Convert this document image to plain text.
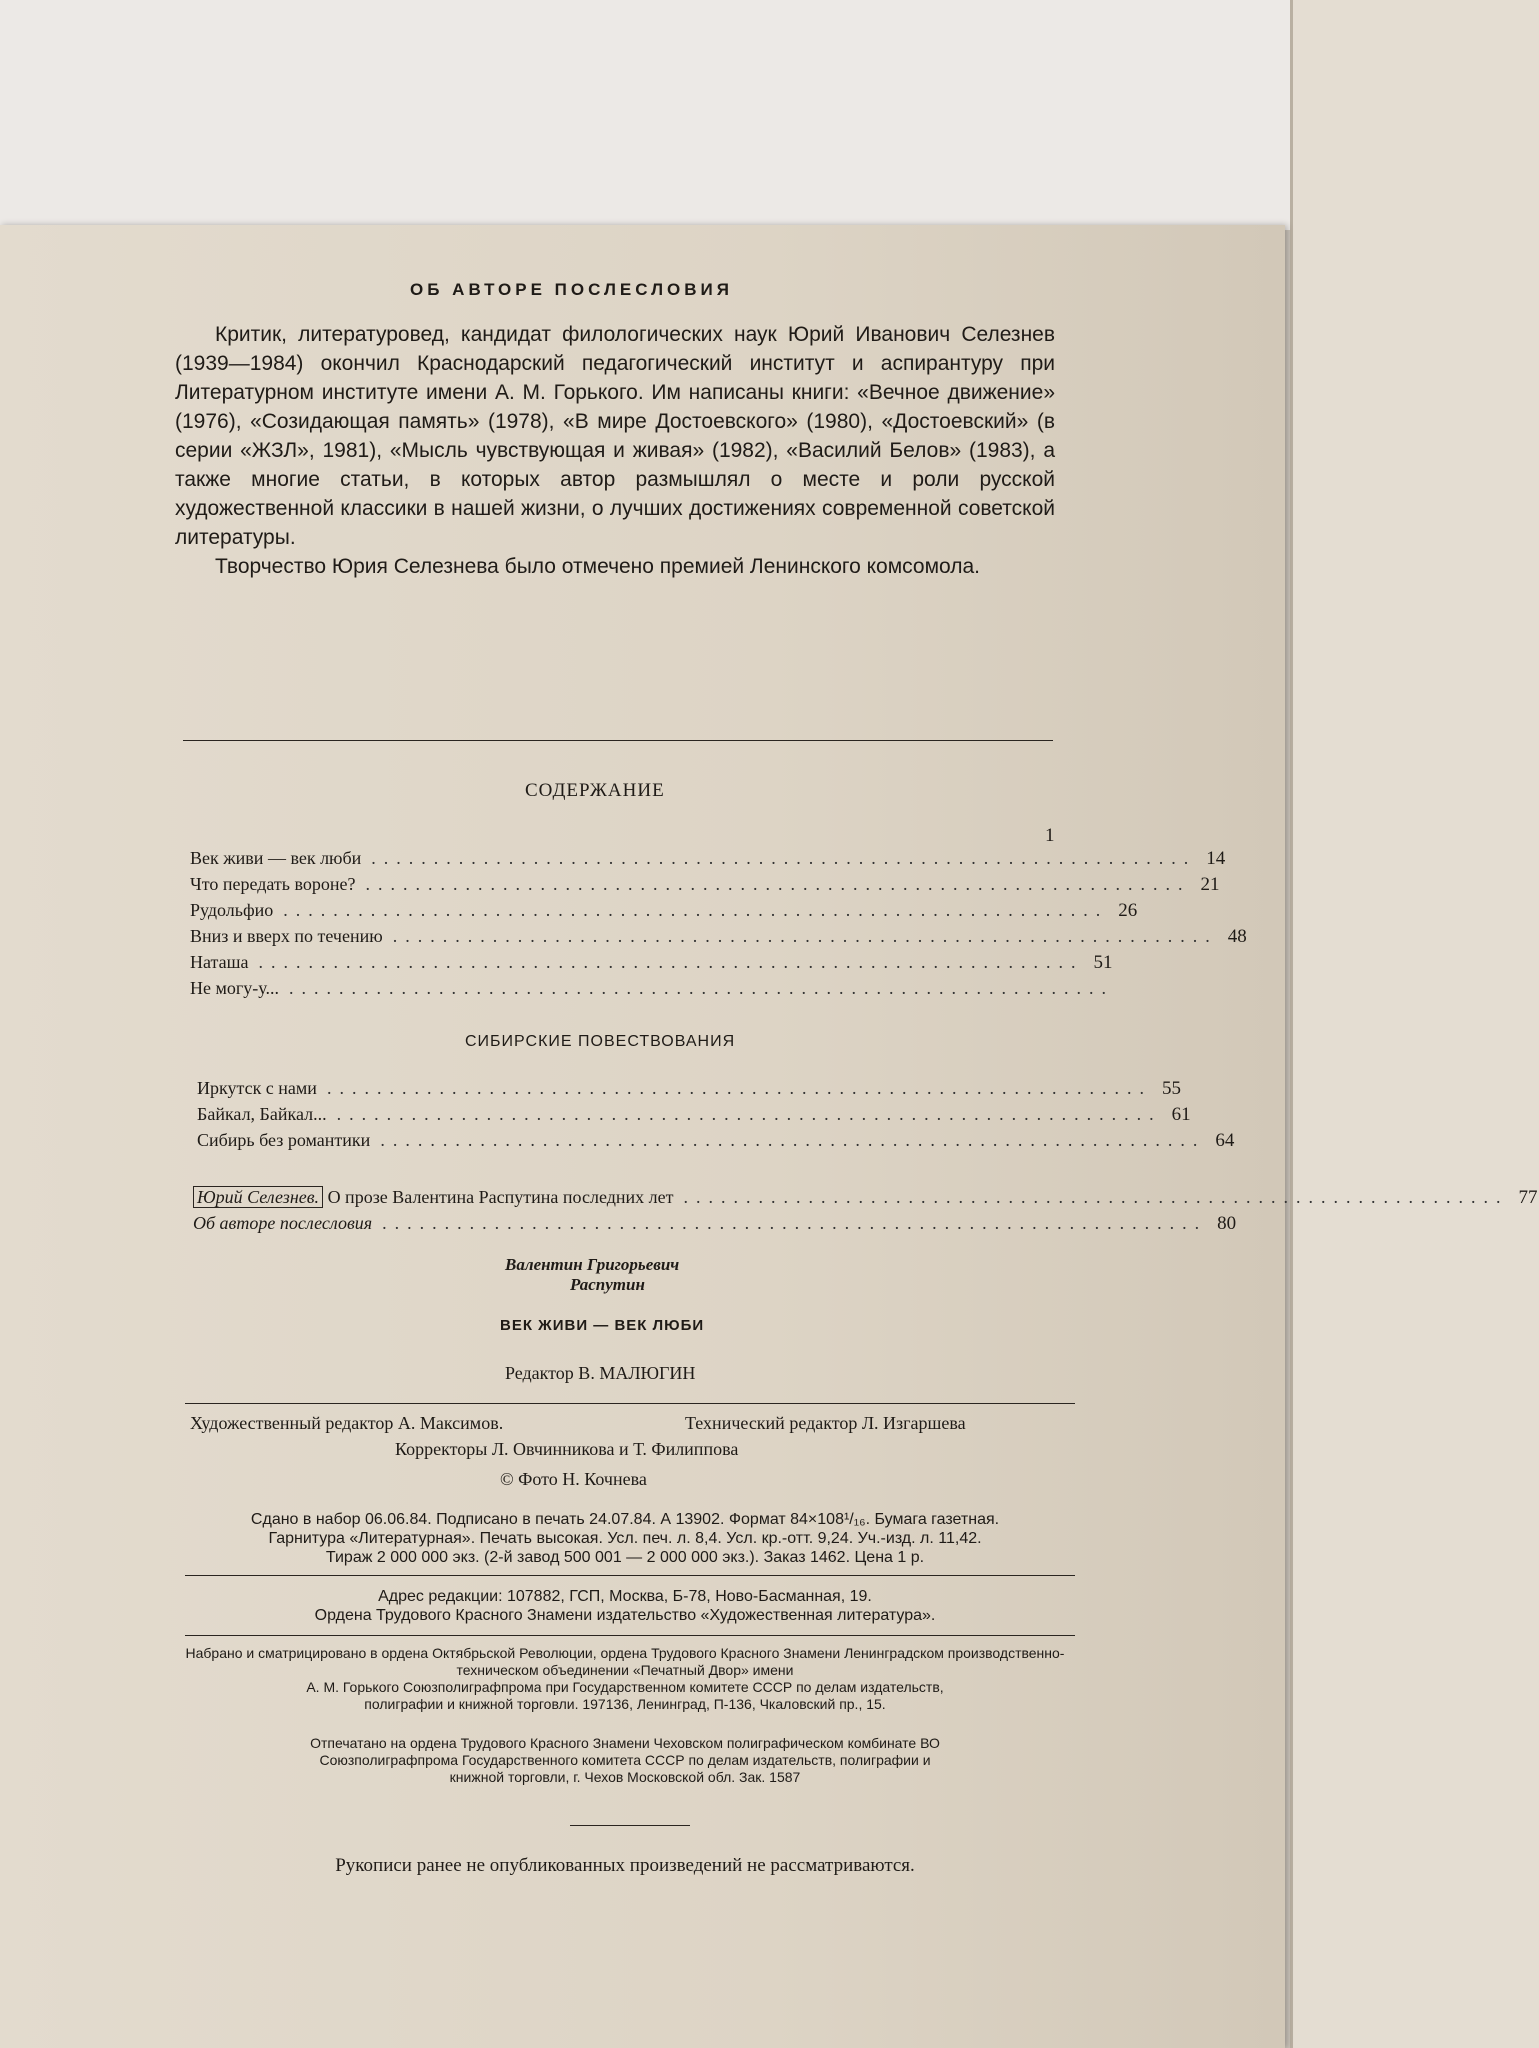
ОБ АВТОРЕ ПОСЛЕСЛОВИЯ

Критик, литературовед, кандидат филологических наук Юрий Иванович Селезнев (1939—1984) окончил Краснодарский педагогический институт и аспирантуру при Литературном институте имени А. М. Горького. Им написаны книги: «Вечное движение» (1976), «Созидающая память» (1978), «В мире Достоевского» (1980), «Достоевский» (в серии «ЖЗЛ», 1981), «Мысль чувствующая и живая» (1982), «Василий Белов» (1983), а также многие статьи, в которых автор размышлял о месте и роли русской художественной классики в нашей жизни, о лучших достижениях современной советской литературы.

Творчество Юрия Селезнева было отмечено премией Ленинского комсомола.

СОДЕРЖАНИЕ
1
Век живи — век люби .................................................................. 14
Что передать вороне? .................................................................. 21
Рудольфио .................................................................. 26
Вниз и вверх по течению .................................................................. 48
Наташа .................................................................. 51
Не могу-у... ..................................................................
СИБИРСКИЕ ПОВЕСТВОВАНИЯ
Иркутск с нами .................................................................. 55
Байкал, Байкал... .................................................................. 61
Сибирь без романтики .................................................................. 64
Юрий Селезнев. О прозе Валентина Распутина последних лет .................................................................. 77
Об авторе послесловия .................................................................. 80
Валентин Григорьевич
Распутин
ВЕК ЖИВИ — ВЕК ЛЮБИ
Редактор В. МАЛЮГИН
Художественный редактор А. Максимов.	Технический редактор Л. Изгаршева
Корректоры Л. Овчинникова и Т. Филиппова
© Фото Н. Кочнева
Сдано в набор 06.06.84. Подписано в печать 24.07.84. А 13902. Формат 84×108¹/₁₆. Бумага газетная.
Гарнитура «Литературная». Печать высокая. Усл. печ. л. 8,4. Усл. кр.-отт. 9,24. Уч.-изд. л. 11,42.
Тираж 2 000 000 экз. (2-й завод 500 001 — 2 000 000 экз.). Заказ 1462. Цена 1 р.
Адрес редакции: 107882, ГСП, Москва, Б-78, Ново-Басманная, 19.
Ордена Трудового Красного Знамени издательство «Художественная литература».
Набрано и сматрицировано в ордена Октябрьской Революции, ордена Трудового Красного Знамени Ленинградском производственно-техническом объединении «Печатный Двор» имени
А. М. Горького Союзполиграфпрома при Государственном комитете СССР по делам издательств,
полиграфии и книжной торговли. 197136, Ленинград, П-136, Чкаловский пр., 15.
Отпечатано на ордена Трудового Красного Знамени Чеховском полиграфическом комбинате ВО
Союзполиграфпрома Государственного комитета СССР по делам издательств, полиграфии и
книжной торговли, г. Чехов Московской обл. Зак. 1587
Рукописи ранее не опубликованных произведений не рассматриваются.
